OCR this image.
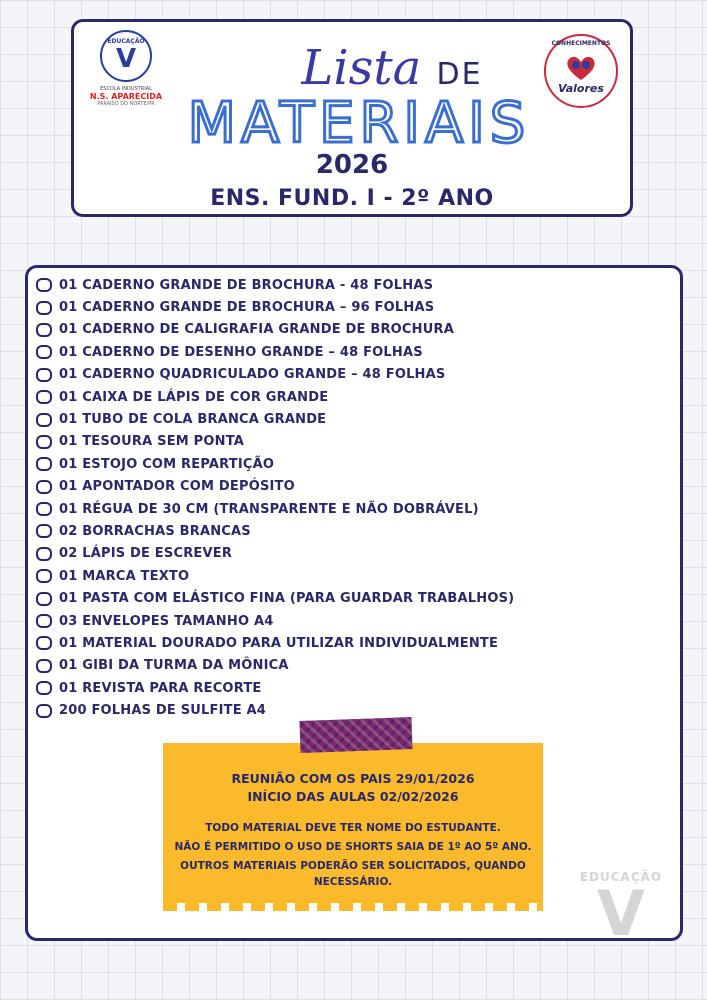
EDUCAÇÃO
V
ESCOLA INDUSTRIAL
N.S. APARECIDA
PARAÍSO DO NORTE/PR
Lista DE
MATERIAIS
2026
ENS. FUND. I - 2º ANO
CONHECIMENTOS
Valores
01 CADERNO GRANDE DE BROCHURA - 48 FOLHAS
01 CADERNO GRANDE DE BROCHURA – 96 FOLHAS
01 CADERNO DE CALIGRAFIA GRANDE DE BROCHURA
01 CADERNO DE DESENHO GRANDE – 48 FOLHAS
01 CADERNO QUADRICULADO GRANDE – 48 FOLHAS
01 CAIXA DE LÁPIS DE COR GRANDE
01 TUBO DE COLA BRANCA GRANDE
01 TESOURA SEM PONTA
01 ESTOJO COM REPARTIÇÃO
01 APONTADOR COM DEPÓSITO
01 RÉGUA DE 30 CM (TRANSPARENTE E NÃO DOBRÁVEL)
02 BORRACHAS BRANCAS
02 LÁPIS DE ESCREVER
01 MARCA TEXTO
01 PASTA COM ELÁSTICO FINA (PARA GUARDAR TRABALHOS)
03 ENVELOPES TAMANHO A4
01 MATERIAL DOURADO PARA UTILIZAR INDIVIDUALMENTE
01 GIBI DA TURMA DA MÔNICA
01 REVISTA PARA RECORTE
200 FOLHAS DE SULFITE A4
REUNIÃO COM OS PAIS 29/01/2026
INÍCIO DAS AULAS 02/02/2026
TODO MATERIAL DEVE TER NOME DO ESTUDANTE.
NÃO É PERMITIDO O USO DE SHORTS SAIA DE 1º AO 5º ANO.
OUTROS MATERIAIS PODERÃO SER SOLICITADOS, QUANDO NECESSÁRIO.	EDUCAÇÃO
V
